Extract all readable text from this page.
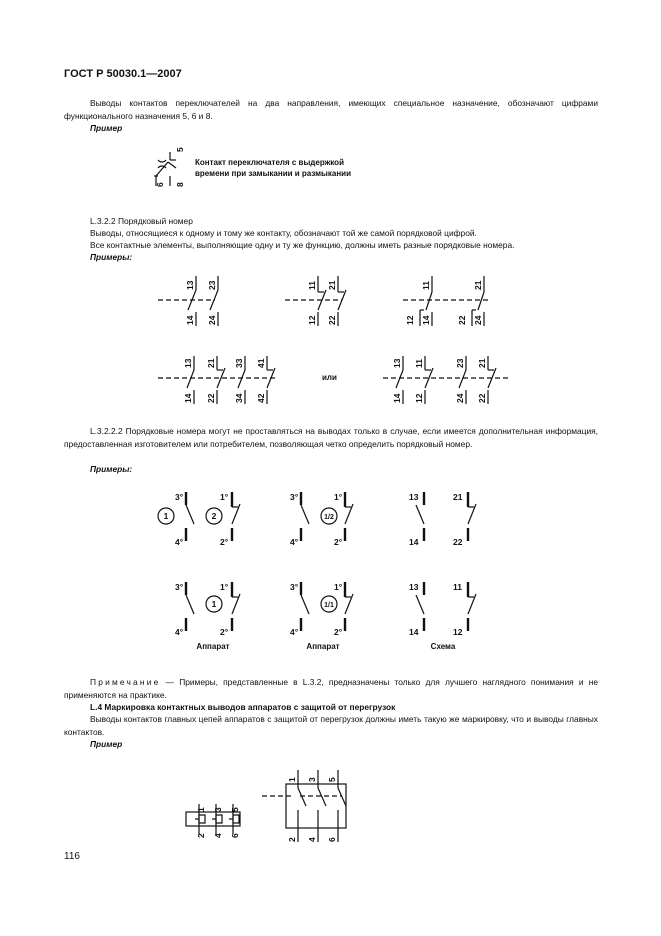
ГОСТ Р 50030.1—2007
Выводы контактов переключателей на два направления, имеющих специальное назначение, обозначают цифрами функционального назначения 5, 6 и 8.
Пример
5
6 8
Контакт переключателя с выдержкой
времени при замыкании и размыкании
L.3.2.2 Порядковый номер
Выводы, относящиеся к одному и тому же контакту, обозначают той же самой порядковой цифрой.
Все контактные элементы, выполняющие одну и ту же функцию, должны иметь разные порядковые номера.
Примеры:
13 23
14 24
11 21
12 22
11	21
12 14	22 24
13 21 33 41
14 22 34 42
или
13 11	23 21
14 12	24 22
L.3.2.2.2 Порядковые номера могут не проставляться на выводах только в случае, если имеется дополнительная информация, предоставленная изготовителем или потребителем, позволяющая четко определить порядковый номер.
Примеры:
3°
4°
1
1°
2°
2
3°
4°
1/2
1°
2°
13
14
21
22
3°
4°
1
1°
2°
3°
4°
1/1
1°
2°
13
14
11
12
Аппарат	Аппарат	Схема
Примечание — Примеры, представленные в L.3.2, предназначены только для лучшего наглядного понимания и не применяются на практике.
L.4 Маркировка контактных выводов аппаратов с защитой от перегрузок
Выводы контактов главных цепей аппаратов с защитой от перегрузок должны иметь такую же маркировку, что и выводы главных контактов.
Пример
1 3 5
2 4 6
1 3 5
2 4 6
116
